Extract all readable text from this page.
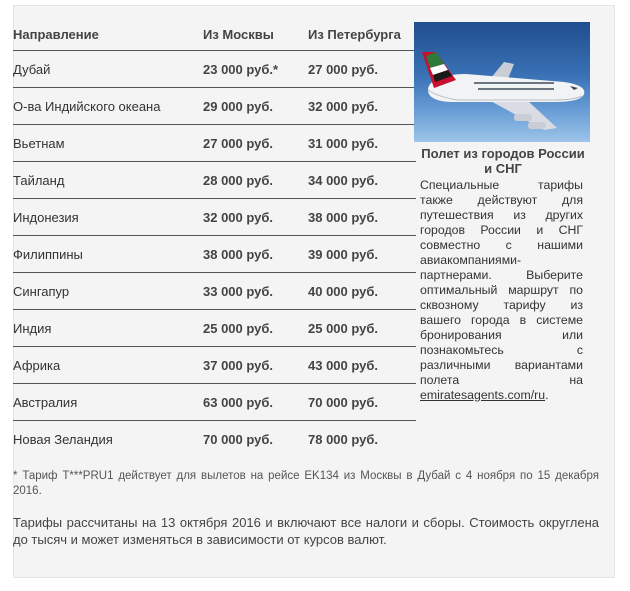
Направление	Из Москвы	Из Петербурга
Дубай	23 000 руб.*	27 000 руб.
О-ва Индийского океана	29 000 руб.	32 000 руб.
Вьетнам	27 000 руб.	31 000 руб.
Тайланд	28 000 руб.	34 000 руб.
Индонезия	32 000 руб.	38 000 руб.
Филиппины	38 000 руб.	39 000 руб.
Сингапур	33 000 руб.	40 000 руб.
Индия	25 000 руб.	25 000 руб.
Африка	37 000 руб.	43 000 руб.
Австралия	63 000 руб.	70 000 руб.
Новая Зеландия	70 000 руб.	78 000 руб.
Полет из городов России и СНГ
Специальные тарифы также действуют для путешествия из других городов России и СНГ совместно с нашими авиакомпаниями-партнерами. Выберите оптимальный маршрут по сквозному тарифу из вашего города в системе бронирования или познакомьтесь с различными вариантами полета на emiratesagents.com/ru.
* Тариф T***PRU1 действует для вылетов на рейсе EK134 из Москвы в Дубай с 4 ноября по 15 декабря 2016.
Тарифы рассчитаны на 13 октября 2016 и включают все налоги и сборы. Стоимость округлена до тысяч и может изменяться в зависимости от курсов валют.
